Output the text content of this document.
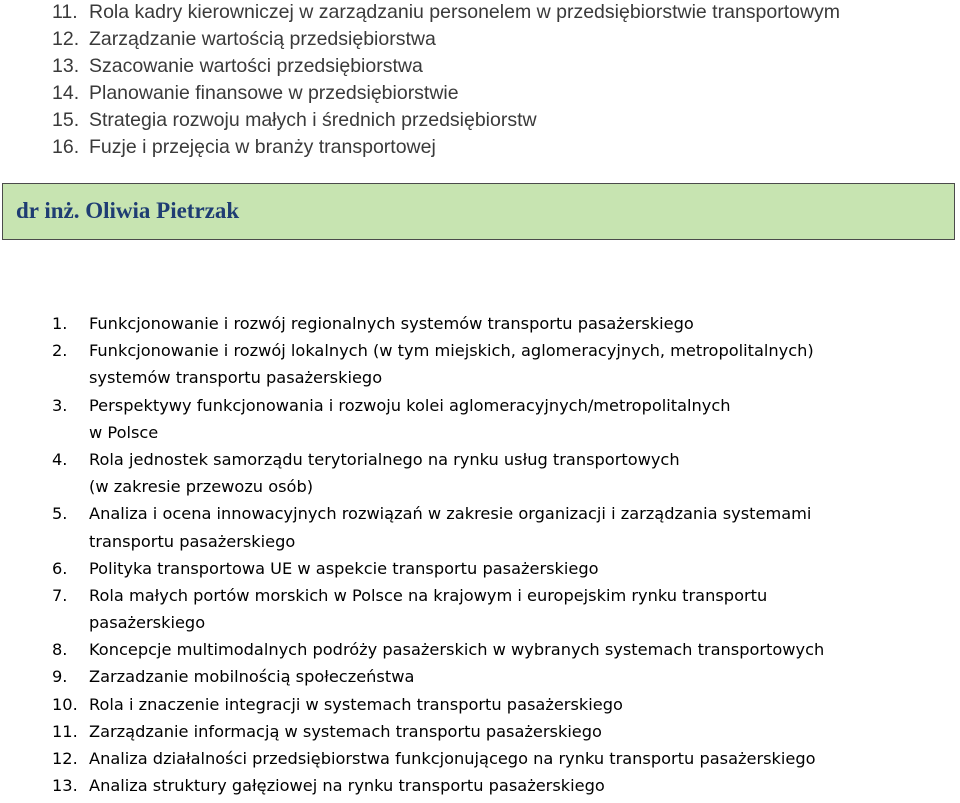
11. Rola kadry kierowniczej w zarządzaniu personelem w przedsiębiorstwie transportowym
12. Zarządzanie wartością przedsiębiorstwa
13. Szacowanie wartości przedsiębiorstwa
14. Planowanie finansowe w przedsiębiorstwie
15. Strategia rozwoju małych i średnich przedsiębiorstw
16. Fuzje i przejęcia w branży transportowej
dr inż. Oliwia Pietrzak
1. Funkcjonowanie i rozwój regionalnych systemów transportu pasażerskiego
2. Funkcjonowanie i rozwój lokalnych (w tym miejskich, aglomeracyjnych, metropolitalnych)
systemów transportu pasażerskiego
3. Perspektywy funkcjonowania i rozwoju kolei aglomeracyjnych/metropolitalnych
w Polsce
4. Rola jednostek samorządu terytorialnego na rynku usług transportowych
(w zakresie przewozu osób)
5. Analiza i ocena innowacyjnych rozwiązań w zakresie organizacji i zarządzania systemami
transportu pasażerskiego
6. Polityka transportowa UE w aspekcie transportu pasażerskiego
7. Rola małych portów morskich w Polsce na krajowym i europejskim rynku transportu
pasażerskiego
8. Koncepcje multimodalnych podróży pasażerskich w wybranych systemach transportowych
9. Zarzadzanie mobilnością społeczeństwa
10. Rola i znaczenie integracji w systemach transportu pasażerskiego
11. Zarządzanie informacją w systemach transportu pasażerskiego
12. Analiza działalności przedsiębiorstwa funkcjonującego na rynku transportu pasażerskiego
13. Analiza struktury gałęziowej na rynku transportu pasażerskiego
